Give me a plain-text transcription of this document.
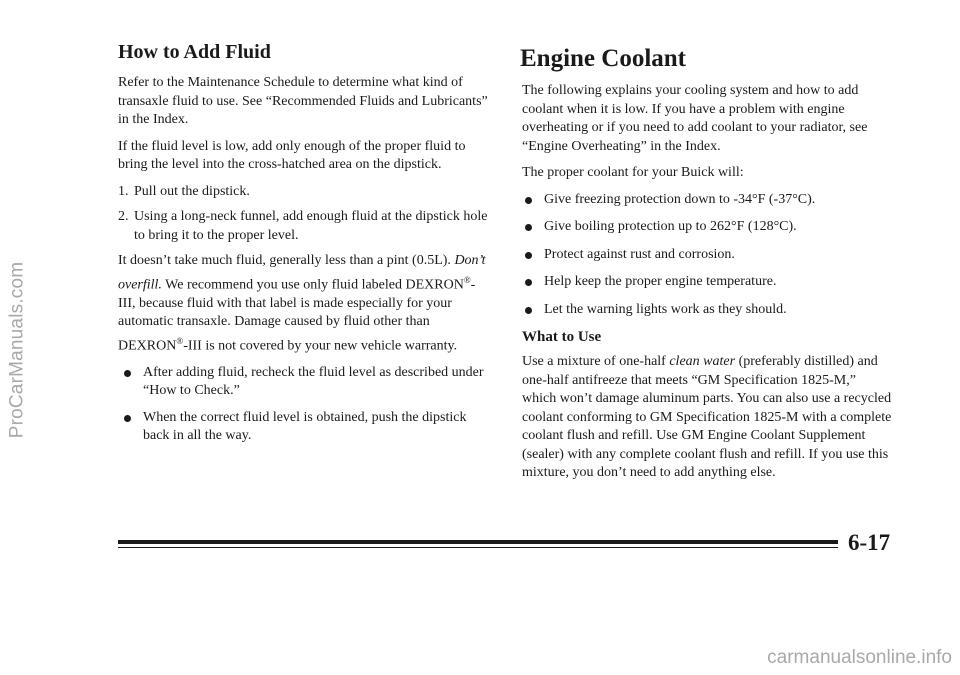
ProCarManuals.com
How to Add Fluid

Refer to the Maintenance Schedule to determine what kind of transaxle fluid to use. See “Recommended Fluids and Lubricants” in the Index.

If the fluid level is low, add only enough of the proper fluid to bring the level into the cross-hatched area on the dipstick.

1. Pull out the dipstick.
2. Using a long-neck funnel, add enough fluid at the dipstick hole to bring it to the proper level.

It doesn’t take much fluid, generally less than a pint (0.5L). Don’t overfill. We recommend you use only fluid labeled DEXRON®-III, because fluid with that label is made especially for your automatic transaxle. Damage caused by fluid other than DEXRON®-III is not covered by your new vehicle warranty.

After adding fluid, recheck the fluid level as described under “How to Check.”
When the correct fluid level is obtained, push the dipstick back in all the way.
Engine Coolant

The following explains your cooling system and how to add coolant when it is low. If you have a problem with engine overheating or if you need to add coolant to your radiator, see “Engine Overheating” in the Index.

The proper coolant for your Buick will:

Give freezing protection down to -34°F (-37°C).
Give boiling protection up to 262°F (128°C).
Protect against rust and corrosion.
Help keep the proper engine temperature.
Let the warning lights work as they should.
What to Use

Use a mixture of one-half clean water (preferably distilled) and one-half antifreeze that meets “GM Specification 1825-M,” which won’t damage aluminum parts. You can also use a recycled coolant conforming to GM Specification 1825-M with a complete coolant flush and refill. Use GM Engine Coolant Supplement (sealer) with any complete coolant flush and refill. If you use this mixture, you don’t need to add anything else.

6-17
carmanualsonline.info
